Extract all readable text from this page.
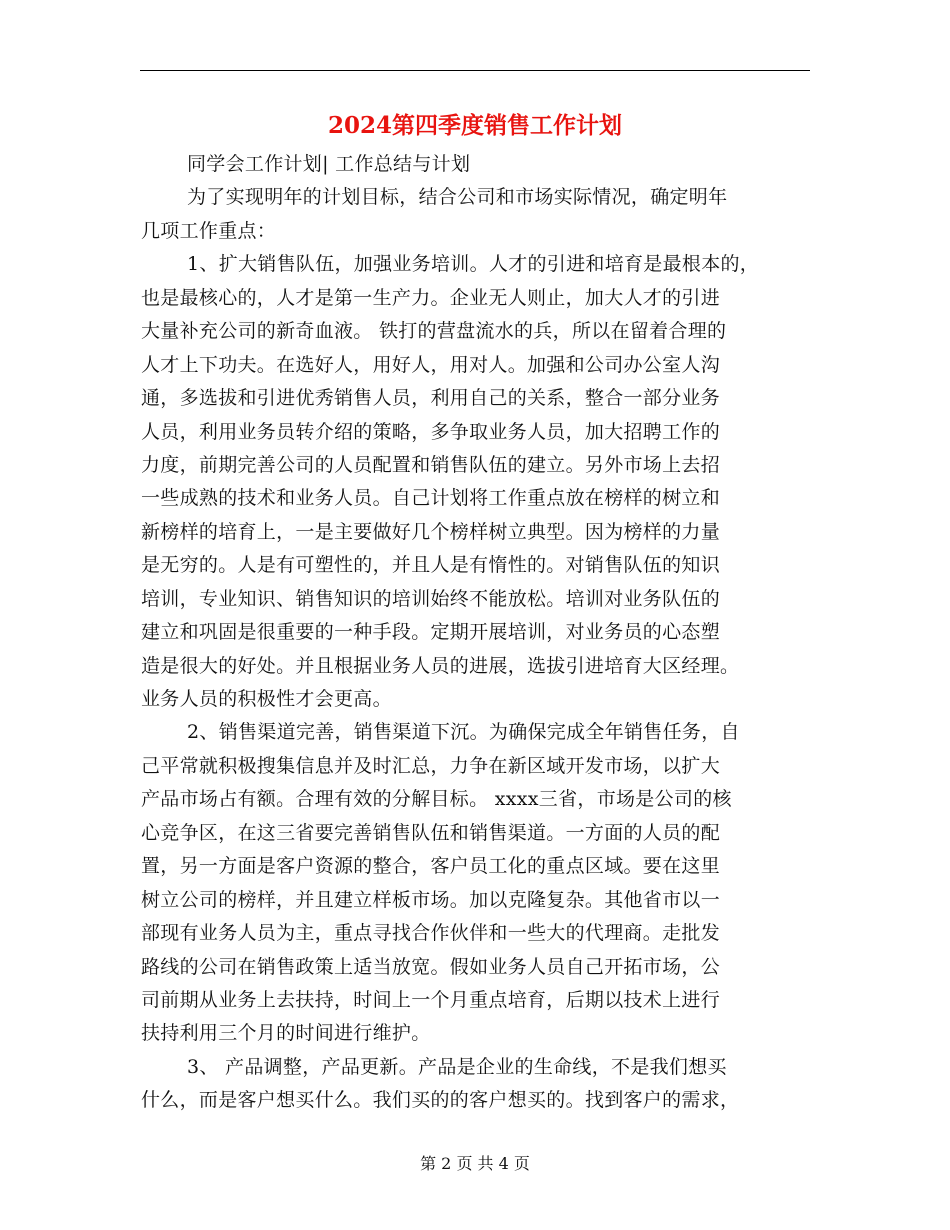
2024第四季度销售工作计划
同学会工作计划| 工作总结与计划
为了实现明年的计划目标，结合公司和市场实际情况，确定明年
几项工作重点：
1、扩大销售队伍，加强业务培训。人才的引进和培育是最根本的，
也是最核心的，人才是第一生产力。企业无人则止，加大人才的引进
大量补充公司的新奇血液。 铁打的营盘流水的兵，所以在留着合理的
人才上下功夫。在选好人，用好人，用对人。加强和公司办公室人沟
通，多选拔和引进优秀销售人员，利用自己的关系，整合一部分业务
人员，利用业务员转介绍的策略，多争取业务人员，加大招聘工作的
力度，前期完善公司的人员配置和销售队伍的建立。另外市场上去招
一些成熟的技术和业务人员。自己计划将工作重点放在榜样的树立和
新榜样的培育上，一是主要做好几个榜样树立典型。因为榜样的力量
是无穷的。人是有可塑性的，并且人是有惰性的。对销售队伍的知识
培训，专业知识、销售知识的培训始终不能放松。培训对业务队伍的
建立和巩固是很重要的一种手段。定期开展培训，对业务员的心态塑
造是很大的好处。并且根据业务人员的进展，选拔引进培育大区经理。
业务人员的积极性才会更高。
2、销售渠道完善，销售渠道下沉。为确保完成全年销售任务，自
己平常就积极搜集信息并及时汇总，力争在新区域开发市场，以扩大
产品市场占有额。合理有效的分解目标。 xxxx三省，市场是公司的核
心竞争区，在这三省要完善销售队伍和销售渠道。一方面的人员的配
置，另一方面是客户资源的整合，客户员工化的重点区域。要在这里
树立公司的榜样，并且建立样板市场。加以克隆复杂。其他省市以一
部现有业务人员为主，重点寻找合作伙伴和一些大的代理商。走批发
路线的公司在销售政策上适当放宽。假如业务人员自己开拓市场，公
司前期从业务上去扶持，时间上一个月重点培育，后期以技术上进行
扶持利用三个月的时间进行维护。
3、 产品调整，产品更新。产品是企业的生命线，不是我们想买
什么，而是客户想买什么。我们买的的客户想买的。找到客户的需求，
第 2 页 共 4 页
